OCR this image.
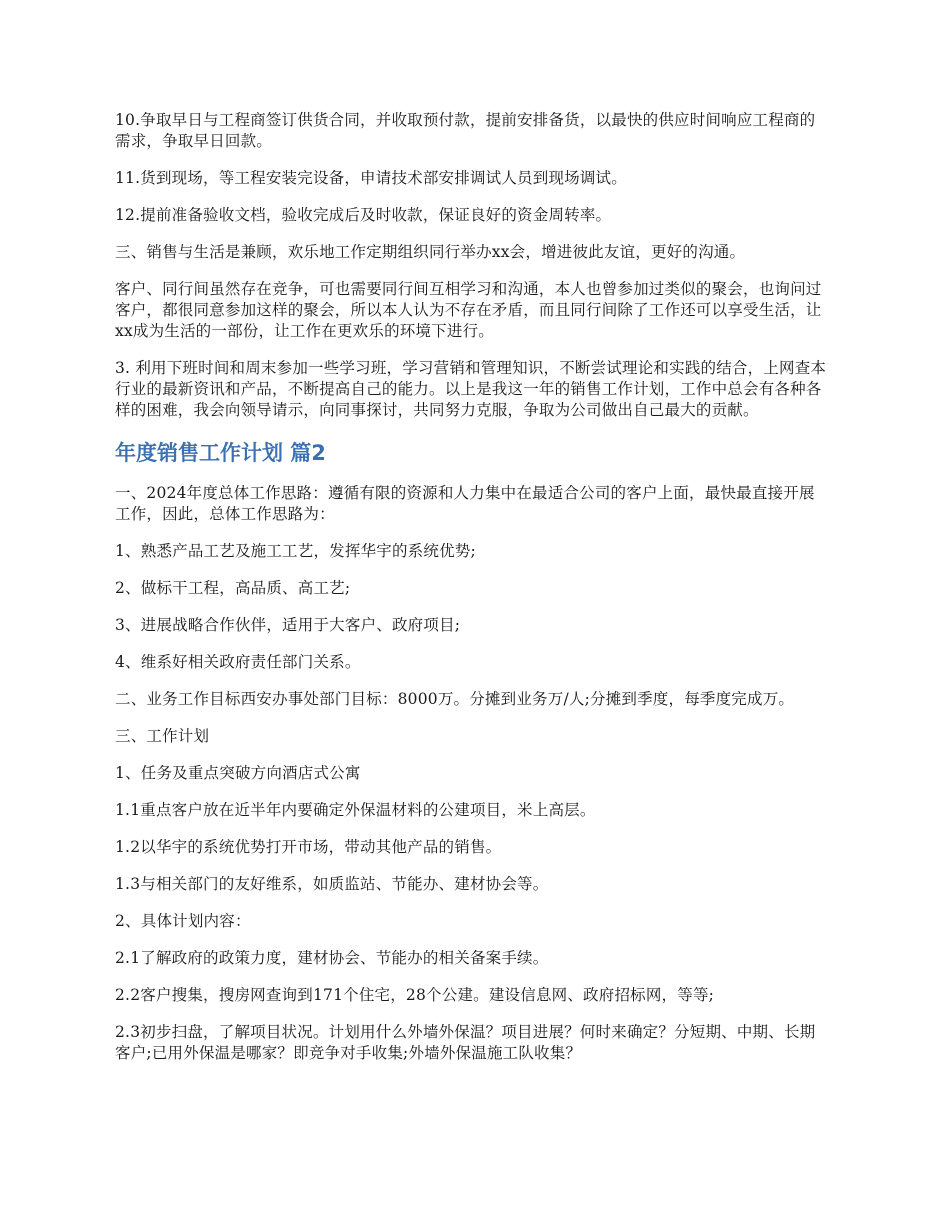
10.争取早日与工程商签订供货合同，并收取预付款，提前安排备货，以最快的供应时间响应工程商的需求，争取早日回款。

11.货到现场，等工程安装完设备，申请技术部安排调试人员到现场调试。

12.提前准备验收文档，验收完成后及时收款，保证良好的资金周转率。

三、销售与生活是兼顾，欢乐地工作定期组织同行举办xx会，增进彼此友谊，更好的沟通。

客户、同行间虽然存在竞争，可也需要同行间互相学习和沟通，本人也曾参加过类似的聚会，也询问过客户，都很同意参加这样的聚会，所以本人认为不存在矛盾，而且同行间除了工作还可以享受生活，让xx成为生活的一部份，让工作在更欢乐的环境下进行。

3. 利用下班时间和周末参加一些学习班，学习营销和管理知识，不断尝试理论和实践的结合，上网查本行业的最新资讯和产品，不断提高自己的能力。以上是我这一年的销售工作计划，工作中总会有各种各样的困难，我会向领导请示，向同事探讨，共同努力克服，争取为公司做出自己最大的贡献。

年度销售工作计划 篇2

一、2024年度总体工作思路：遵循有限的资源和人力集中在最适合公司的客户上面，最快最直接开展工作，因此，总体工作思路为：

1、熟悉产品工艺及施工工艺，发挥华宇的系统优势;

2、做标干工程，高品质、高工艺;

3、进展战略合作伙伴，适用于大客户、政府项目;

4、维系好相关政府责任部门关系。

二、业务工作目标西安办事处部门目标：8000万。分摊到业务万/人;分摊到季度，每季度完成万。

三、工作计划

1、任务及重点突破方向酒店式公寓

1.1重点客户放在近半年内要确定外保温材料的公建项目，米上高层。

1.2以华宇的系统优势打开市场，带动其他产品的销售。

1.3与相关部门的友好维系，如质监站、节能办、建材协会等。

2、具体计划内容：

2.1了解政府的政策力度，建材协会、节能办的相关备案手续。

2.2客户搜集，搜房网查询到171个住宅，28个公建。建设信息网、政府招标网，等等;

2.3初步扫盘，了解项目状况。计划用什么外墙外保温？项目进展？何时来确定？分短期、中期、长期客户;已用外保温是哪家？即竞争对手收集;外墙外保温施工队收集？
